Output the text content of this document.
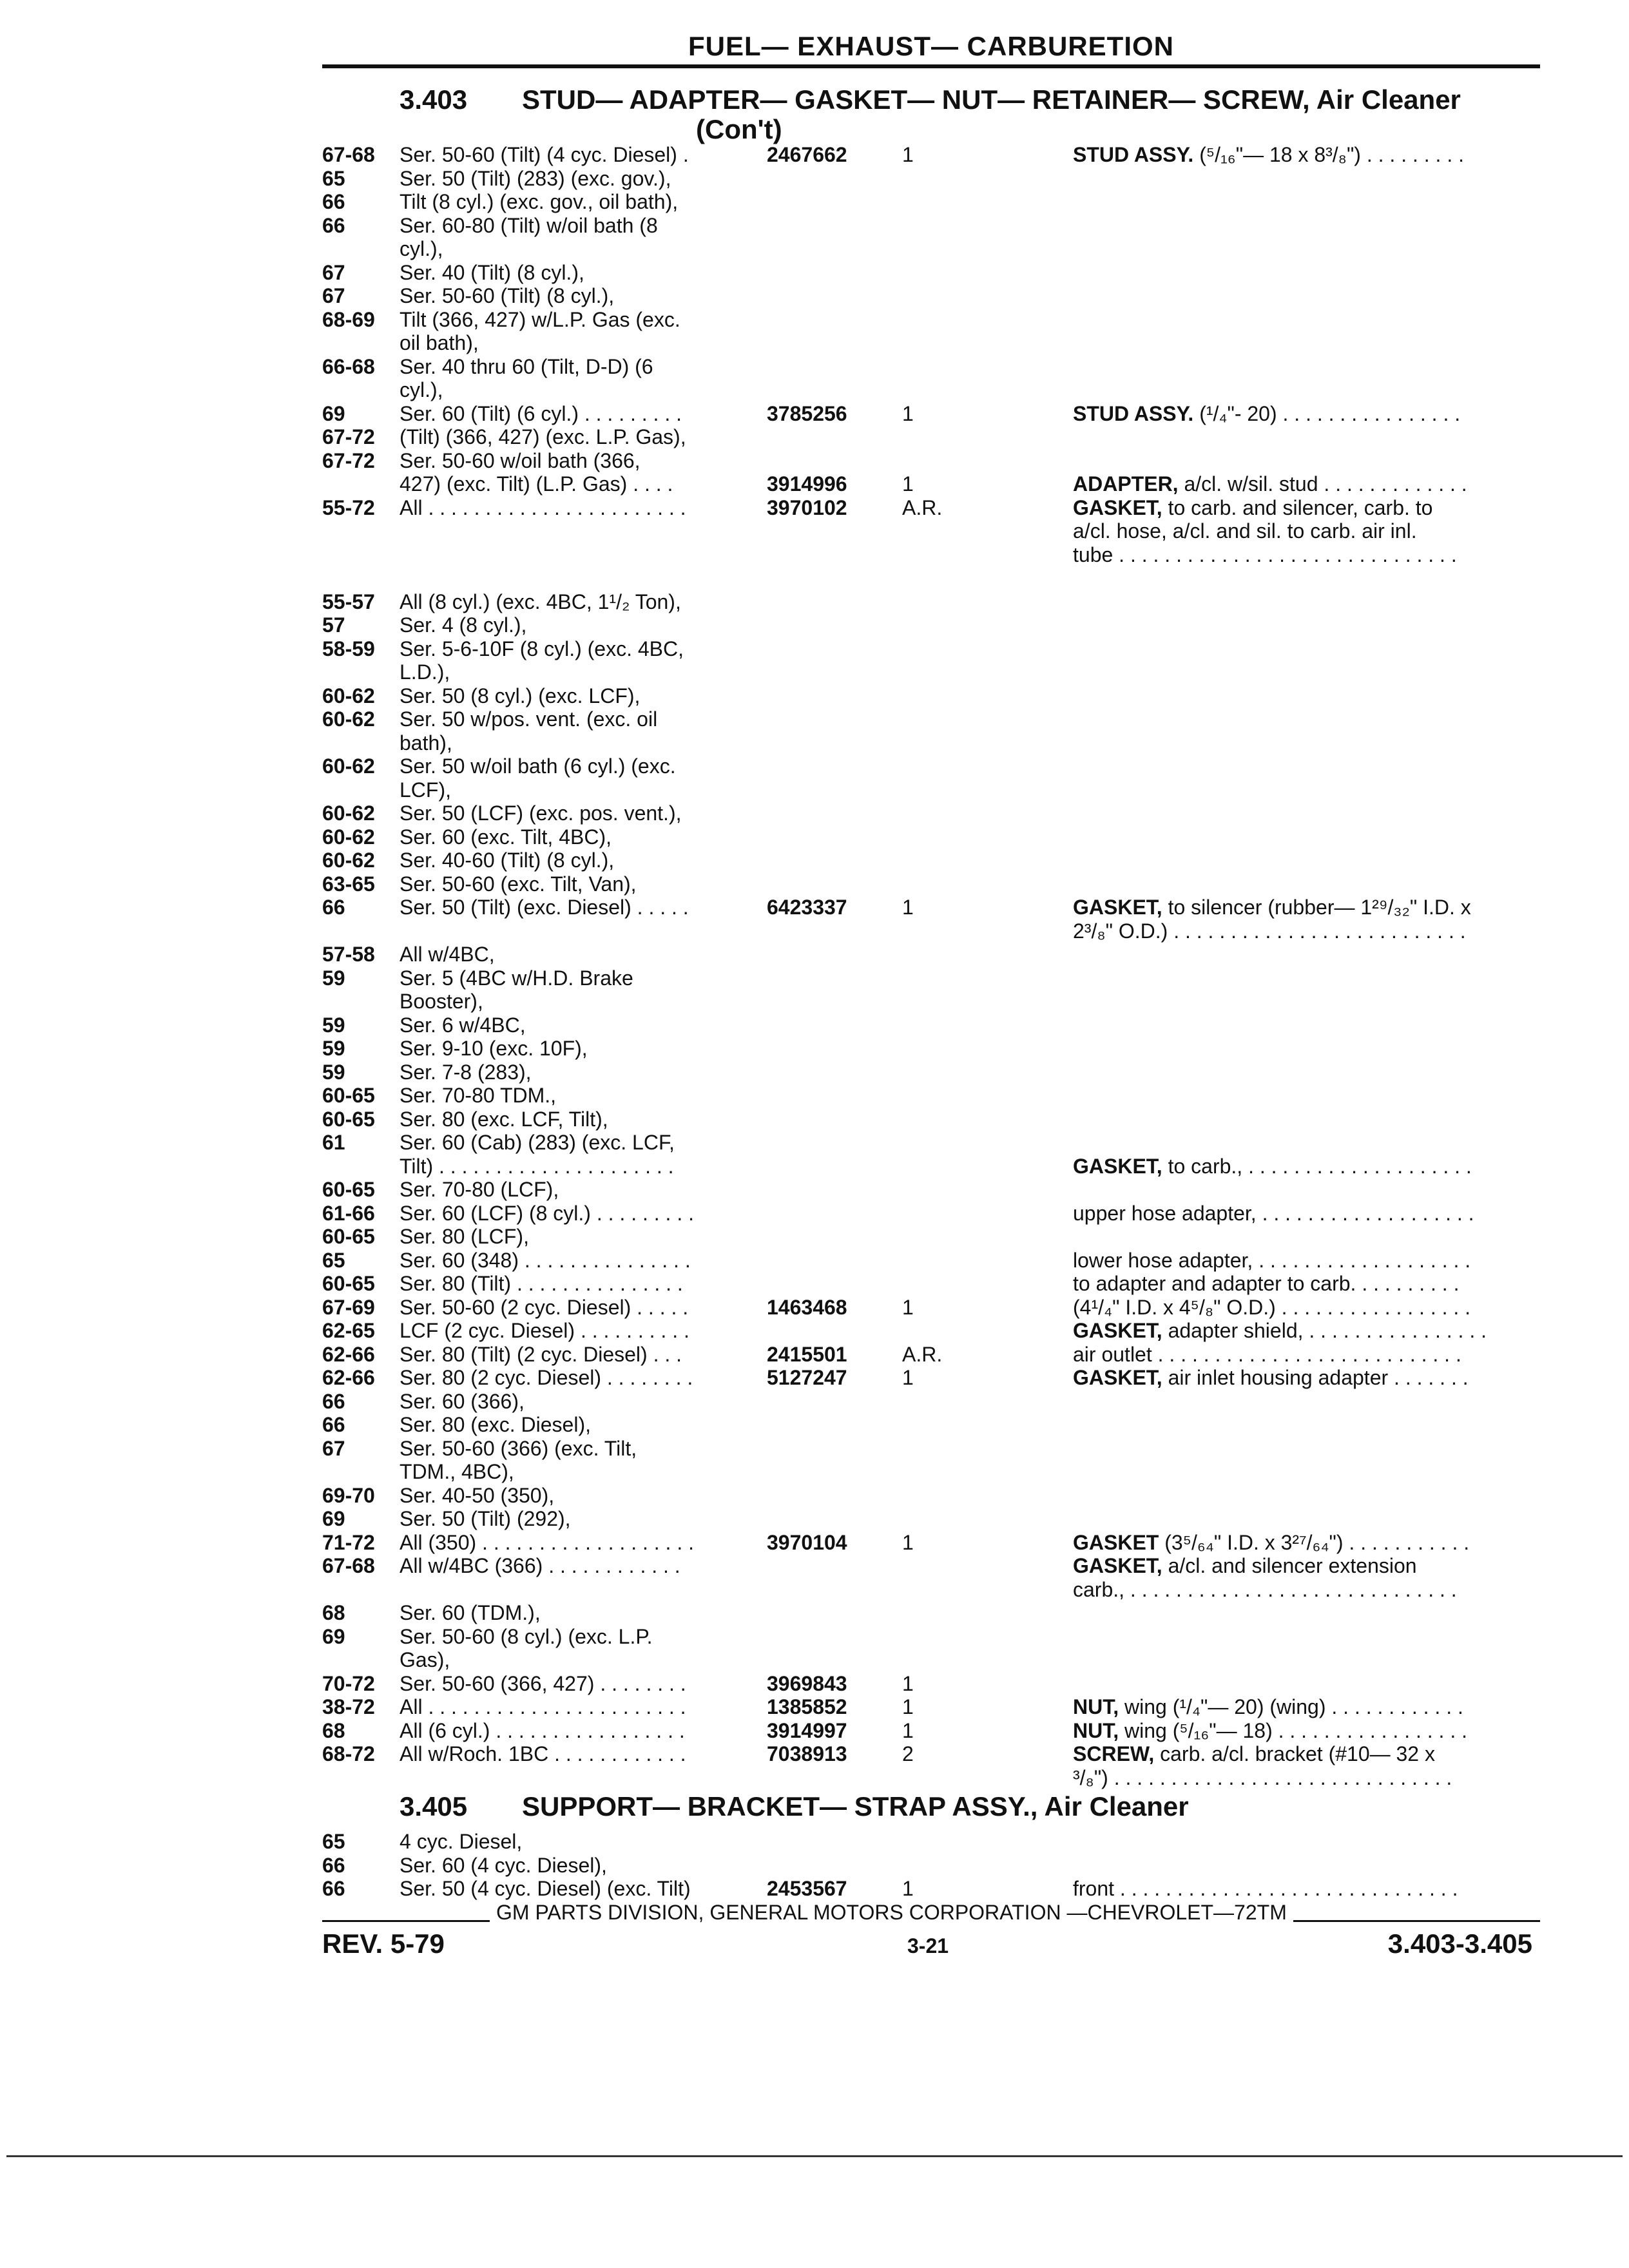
FUEL— EXHAUST— CARBURETION
3.403 STUD— ADAPTER— GASKET— NUT— RETAINER— SCREW, Air Cleaner
(Con't)
67-68 Ser. 50-60 (Tilt) (4 cyc. Diesel) .	2467662	1	STUD ASSY. (⁵/₁₆"— 18 x 8³/₈") . . . . . . . . .
65	Ser. 50 (Tilt) (283) (exc. gov.),
66	Tilt (8 cyl.) (exc. gov., oil bath),
66	Ser. 60-80 (Tilt) w/oil bath (8
cyl.),
67	Ser. 40 (Tilt) (8 cyl.),
67	Ser. 50-60 (Tilt) (8 cyl.),
68-69 Tilt (366, 427) w/L.P. Gas (exc.
oil bath),
66-68 Ser. 40 thru 60 (Tilt, D-D) (6
cyl.),
69	Ser. 60 (Tilt) (6 cyl.) . . . . . . . . .	3785256	1	STUD ASSY. (¹/₄"- 20) . . . . . . . . . . . . . . . .
67-72 (Tilt) (366, 427) (exc. L.P. Gas),
67-72 Ser. 50-60 w/oil bath (366,
427) (exc. Tilt) (L.P. Gas) . . . .	3914996	1	ADAPTER, a/cl. w/sil. stud . . . . . . . . . . . . .
55-72 All . . . . . . . . . . . . . . . . . . . . . . .	3970102	A.R.	GASKET, to carb. and silencer, carb. to
a/cl. hose, a/cl. and sil. to carb. air inl.
tube . . . . . . . . . . . . . . . . . . . . . . . . . . . . . .
55-57 All (8 cyl.) (exc. 4BC, 1¹/₂ Ton),
57	Ser. 4 (8 cyl.),
58-59 Ser. 5-6-10F (8 cyl.) (exc. 4BC,
L.D.),
60-62 Ser. 50 (8 cyl.) (exc. LCF),
60-62 Ser. 50 w/pos. vent. (exc. oil
bath),
60-62 Ser. 50 w/oil bath (6 cyl.) (exc.
LCF),
60-62 Ser. 50 (LCF) (exc. pos. vent.),
60-62 Ser. 60 (exc. Tilt, 4BC),
60-62 Ser. 40-60 (Tilt) (8 cyl.),
63-65 Ser. 50-60 (exc. Tilt, Van),
66	Ser. 50 (Tilt) (exc. Diesel) . . . . .	6423337	1	GASKET, to silencer (rubber— 1²⁹/₃₂" I.D. x
2³/₈" O.D.) . . . . . . . . . . . . . . . . . . . . . . . . . .
57-58 All w/4BC,
59	Ser. 5 (4BC w/H.D. Brake
Booster),
59	Ser. 6 w/4BC,
59	Ser. 9-10 (exc. 10F),
59	Ser. 7-8 (283),
60-65 Ser. 70-80 TDM.,
60-65 Ser. 80 (exc. LCF, Tilt),
61	Ser. 60 (Cab) (283) (exc. LCF,
Tilt) . . . . . . . . . . . . . . . . . . . . .	GASKET, to carb., . . . . . . . . . . . . . . . . . . . .
60-65 Ser. 70-80 (LCF),
61-66 Ser. 60 (LCF) (8 cyl.) . . . . . . . . .	upper hose adapter, . . . . . . . . . . . . . . . . . . .
60-65 Ser. 80 (LCF),
65	Ser. 60 (348) . . . . . . . . . . . . . . .	lower hose adapter, . . . . . . . . . . . . . . . . . . .
60-65 Ser. 80 (Tilt) . . . . . . . . . . . . . . .	to adapter and adapter to carb. . . . . . . . . .
67-69 Ser. 50-60 (2 cyc. Diesel) . . . . .	1463468	1	(4¹/₄" I.D. x 4⁵/₈" O.D.) . . . . . . . . . . . . . . . . .
62-65 LCF (2 cyc. Diesel) . . . . . . . . . .	GASKET, adapter shield, . . . . . . . . . . . . . . . .
62-66 Ser. 80 (Tilt) (2 cyc. Diesel) . . .	2415501	A.R.	air outlet . . . . . . . . . . . . . . . . . . . . . . . . . . .
62-66 Ser. 80 (2 cyc. Diesel) . . . . . . . .	5127247	1	GASKET, air inlet housing adapter . . . . . . .
66	Ser. 60 (366),
66	Ser. 80 (exc. Diesel),
67	Ser. 50-60 (366) (exc. Tilt,
TDM., 4BC),
69-70 Ser. 40-50 (350),
69	Ser. 50 (Tilt) (292),
71-72 All (350) . . . . . . . . . . . . . . . . . . .	3970104	1	GASKET (3⁵/₆₄" I.D. x 3²⁷/₆₄") . . . . . . . . . . .
67-68 All w/4BC (366) . . . . . . . . . . . .	GASKET, a/cl. and silencer extension
carb., . . . . . . . . . . . . . . . . . . . . . . . . . . . . .
68	Ser. 60 (TDM.),
69	Ser. 50-60 (8 cyl.) (exc. L.P.
Gas),
70-72 Ser. 50-60 (366, 427) . . . . . . . .	3969843	1
38-72 All . . . . . . . . . . . . . . . . . . . . . . .	1385852	1	NUT, wing (¹/₄"— 20) (wing) . . . . . . . . . . . .
68	All (6 cyl.) . . . . . . . . . . . . . . . . .	3914997	1	NUT, wing (⁵/₁₆"— 18) . . . . . . . . . . . . . . . . .
68-72 All w/Roch. 1BC . . . . . . . . . . . .	7038913	2	SCREW, carb. a/cl. bracket (#10— 32 x
³/₈") . . . . . . . . . . . . . . . . . . . . . . . . . . . . . .
3.405 SUPPORT— BRACKET— STRAP ASSY., Air Cleaner
65	4 cyc. Diesel,
66	Ser. 60 (4 cyc. Diesel),
66	Ser. 50 (4 cyc. Diesel) (exc. Tilt)	2453567	1	front . . . . . . . . . . . . . . . . . . . . . . . . . . . . . .
GM PARTS DIVISION, GENERAL MOTORS CORPORATION —CHEVROLET—72TM
REV. 5-79	3-21	3.403-3.405
